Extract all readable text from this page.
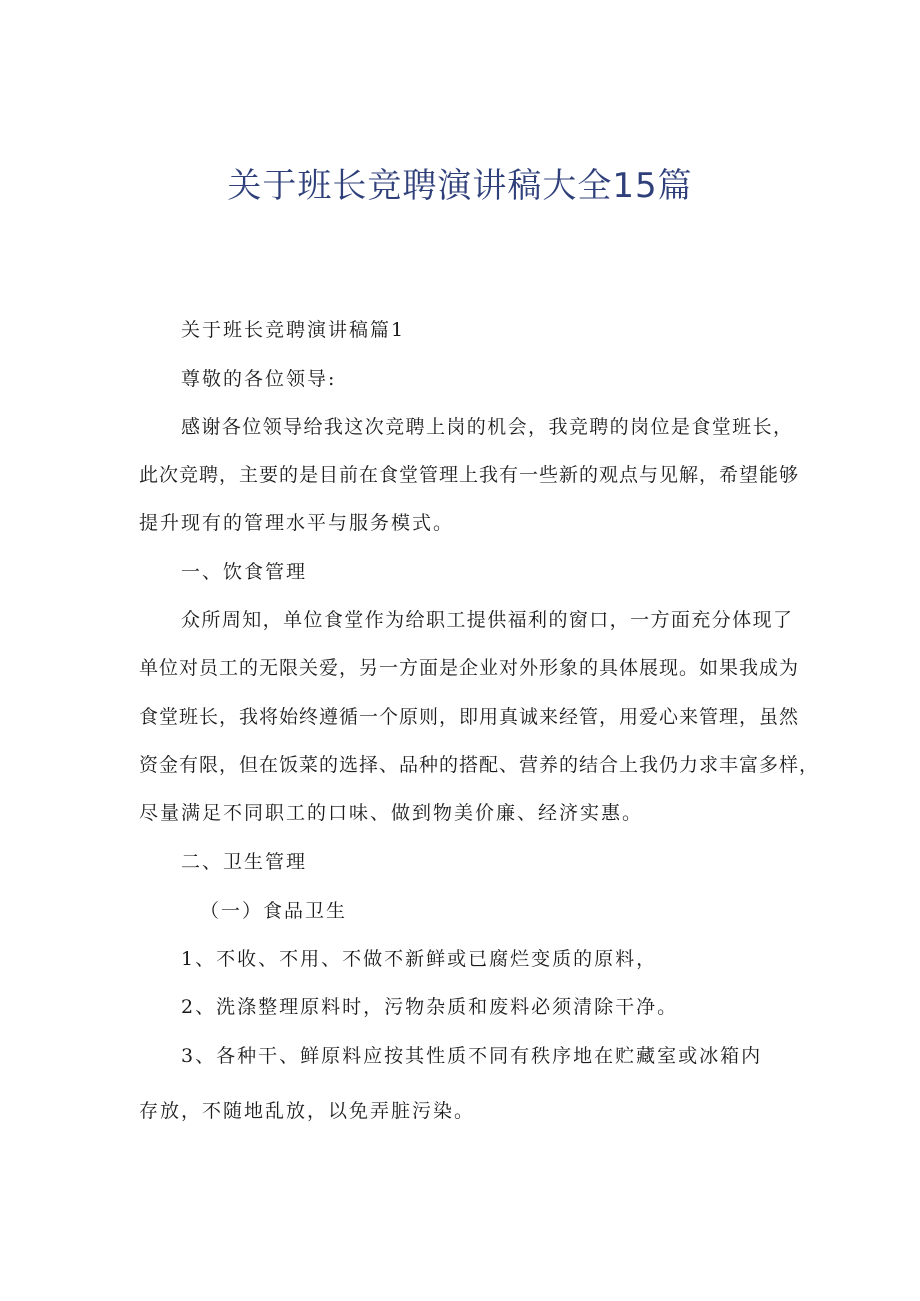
关于班长竞聘演讲稿大全15篇
关于班长竞聘演讲稿篇1
尊敬的各位领导:
感谢各位领导给我这次竞聘上岗的机会，我竞聘的岗位是食堂班长，
此次竞聘，主要的是目前在食堂管理上我有一些新的观点与见解，希望能够
提升现有的管理水平与服务模式。
一、饮食管理
众所周知，单位食堂作为给职工提供福利的窗口，一方面充分体现了
单位对员工的无限关爱，另一方面是企业对外形象的具体展现。如果我成为
食堂班长，我将始终遵循一个原则，即用真诚来经管，用爱心来管理，虽然
资金有限，但在饭菜的选择、品种的搭配、营养的结合上我仍力求丰富多样，
尽量满足不同职工的口味、做到物美价廉、经济实惠。
二、卫生管理
（一）食品卫生
1、不收、不用、不做不新鲜或已腐烂变质的原料，
2、洗涤整理原料时，污物杂质和废料必须清除干净。
3、各种干、鲜原料应按其性质不同有秩序地在贮藏室或冰箱内
存放，不随地乱放，以免弄脏污染。
